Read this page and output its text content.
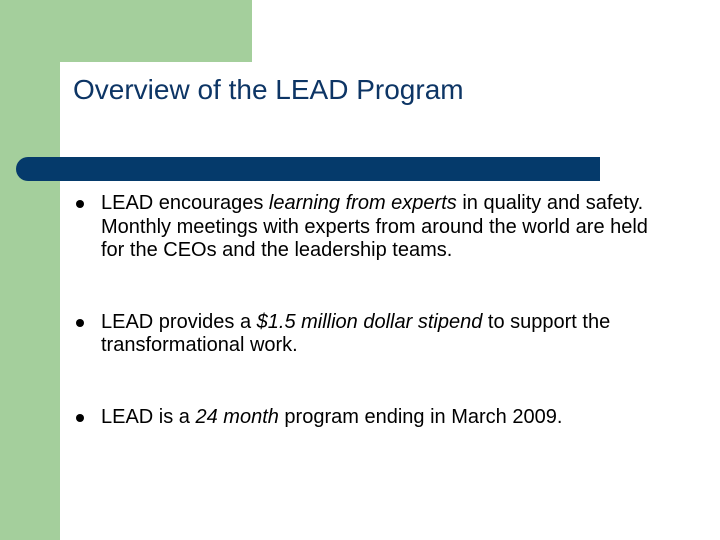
Overview of the LEAD Program
LEAD encourages learning from experts in quality and safety. Monthly meetings with experts from around the world are held for the CEOs and the leadership teams.
LEAD provides a $1.5 million dollar stipend to support the transformational work.
LEAD is a 24 month program ending in March 2009.
